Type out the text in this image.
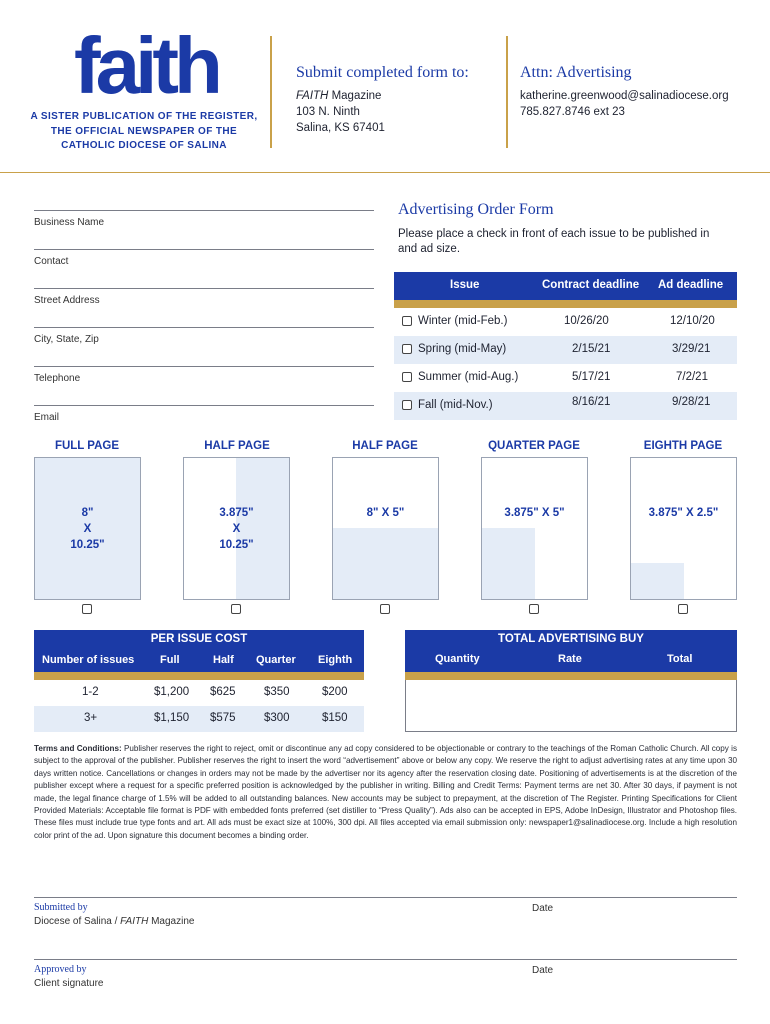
faith
A SISTER PUBLICATION OF THE REGISTER, THE OFFICIAL NEWSPAPER OF THE CATHOLIC DIOCESE OF SALINA
Submit completed form to:
FAITH Magazine
103 N. Ninth
Salina, KS 67401
Attn: Advertising
katherine.greenwood@salinadiocese.org
785.827.8746 ext 23
Business Name
Contact
Street Address
City, State, Zip
Telephone
Email
Advertising Order Form
Please place a check in front of each issue to be published in and ad size.
Issue	Contract deadline Ad deadline
Winter (mid-Feb.)	10/26/20	12/10/20
Spring (mid-May)	2/15/21	3/29/21
Summer (mid-Aug.)	5/17/21	7/2/21
Fall (mid-Nov.)	8/16/21	9/28/21
FULL PAGE	HALF PAGE	HALF PAGE	QUARTER PAGE	EIGHTH PAGE
8"
X
10.25"
3.875"
X
10.25"
8" X 5"	3.875" X 5"	3.875" X 2.5"
PER ISSUE COST
Number of issues Full	Half Quarter Eighth
1-2	$1,200 $625 $350	$200
3+	$1,150 $575 $300	$150
TOTAL ADVERTISING BUY
Quantity	Rate	Total
Terms and Conditions: Publisher reserves the right to reject, omit or discontinue any ad copy considered to be objectionable or contrary to the teachings of the Roman Catholic Church. All copy is subject to the approval of the publisher. Publisher reserves the right to insert the word “advertisement” above or below any copy. We reserve the right to adjust advertising rates at any time upon 30 days written notice. Cancellations or changes in orders may not be made by the advertiser nor its agency after the reservation closing date. Positioning of advertisements is at the discretion of the publisher except where a request for a specific preferred position is acknowledged by the publisher in writing. Billing and Credit Terms: Payment terms are net 30. After 30 days, if payment is not made, the legal finance charge of 1.5% will be added to all outstanding balances. New accounts may be subject to prepayment, at the discretion of The Register. Printing Specifications for Client Provided Materials: Acceptable file format is PDF with embedded fonts preferred (set distiller to “Press Quality”). Ads also can be accepted in EPS, Adobe InDesign, Illustrator and Photoshop files. These files must include true type fonts and art. All ads must be exact size at 100%, 300 dpi. All files accepted via email submission only: newspaper1@salinadiocese.org. Include a high resolution color print of the ad. Upon signature this document becomes a binding order.
Submitted by
Diocese of Salina / FAITH Magazine
Date
Approved by
Client signature
Date
